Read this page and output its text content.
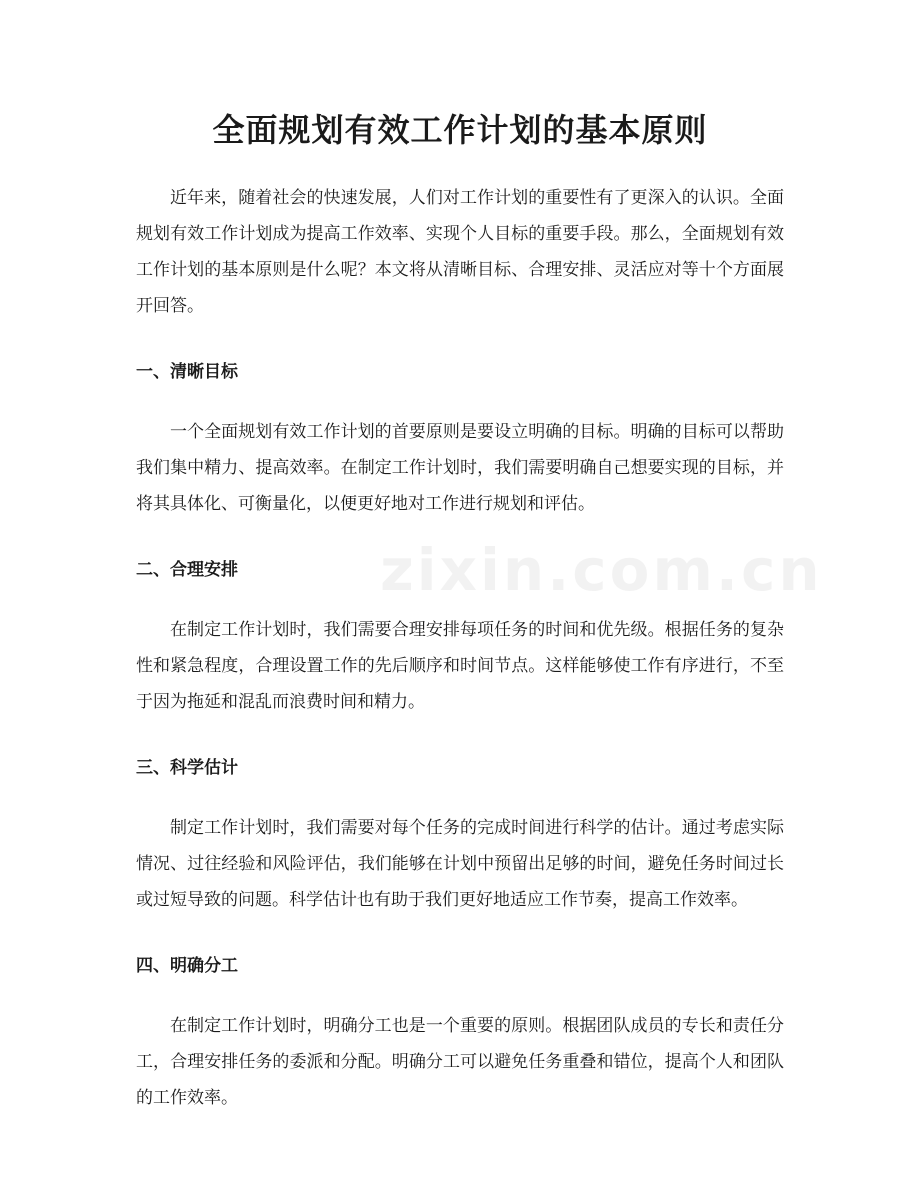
全面规划有效工作计划的基本原则
zixin.com.cn

近年来，随着社会的快速发展，人们对工作计划的重要性有了更深入的认识。全面规划有效工作计划成为提高工作效率、实现个人目标的重要手段。那么，全面规划有效工作计划的基本原则是什么呢？本文将从清晰目标、合理安排、灵活应对等十个方面展开回答。

一、清晰目标

一个全面规划有效工作计划的首要原则是要设立明确的目标。明确的目标可以帮助我们集中精力、提高效率。在制定工作计划时，我们需要明确自己想要实现的目标，并将其具体化、可衡量化，以便更好地对工作进行规划和评估。

二、合理安排

在制定工作计划时，我们需要合理安排每项任务的时间和优先级。根据任务的复杂性和紧急程度，合理设置工作的先后顺序和时间节点。这样能够使工作有序进行，不至于因为拖延和混乱而浪费时间和精力。

三、科学估计

制定工作计划时，我们需要对每个任务的完成时间进行科学的估计。通过考虑实际情况、过往经验和风险评估，我们能够在计划中预留出足够的时间，避免任务时间过长或过短导致的问题。科学估计也有助于我们更好地适应工作节奏，提高工作效率。

四、明确分工

在制定工作计划时，明确分工也是一个重要的原则。根据团队成员的专长和责任分工，合理安排任务的委派和分配。明确分工可以避免任务重叠和错位，提高个人和团队的工作效率。
